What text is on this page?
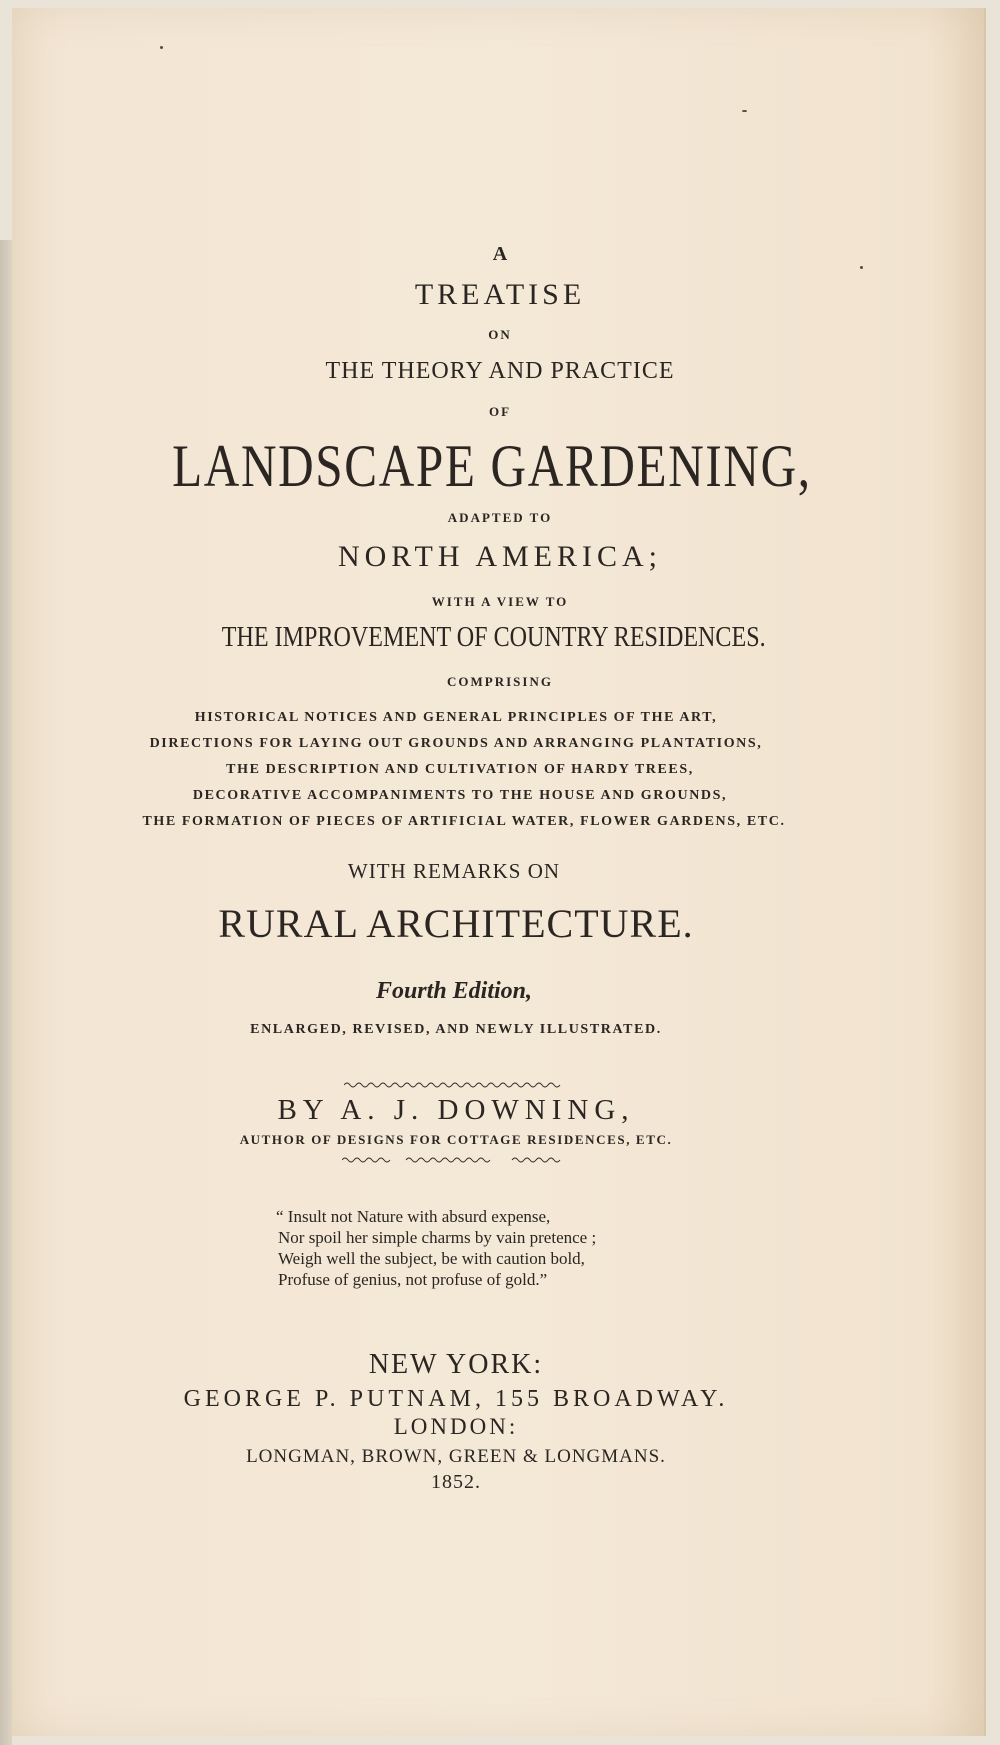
A
TREATISE
ON
THE THEORY AND PRACTICE
OF
LANDSCAPE GARDENING,
ADAPTED TO
NORTH AMERICA;
WITH A VIEW TO
THE IMPROVEMENT OF COUNTRY RESIDENCES.
COMPRISING
HISTORICAL NOTICES AND GENERAL PRINCIPLES OF THE ART,
DIRECTIONS FOR LAYING OUT GROUNDS AND ARRANGING PLANTATIONS,
THE DESCRIPTION AND CULTIVATION OF HARDY TREES,
DECORATIVE ACCOMPANIMENTS TO THE HOUSE AND GROUNDS,
THE FORMATION OF PIECES OF ARTIFICIAL WATER, FLOWER GARDENS, ETC.
WITH REMARKS ON
RURAL ARCHITECTURE.
Fourth Edition,
ENLARGED, REVISED, AND NEWLY ILLUSTRATED.
BY A. J. DOWNING,
AUTHOR OF DESIGNS FOR COTTAGE RESIDENCES, ETC.
“ Insult not Nature with absurd expense,
Nor spoil her simple charms by vain pretence ;
Weigh well the subject, be with caution bold,
Profuse of genius, not profuse of gold.”
NEW YORK:
GEORGE P. PUTNAM, 155 BROADWAY.
LONDON:
LONGMAN, BROWN, GREEN & LONGMANS.
1852.
